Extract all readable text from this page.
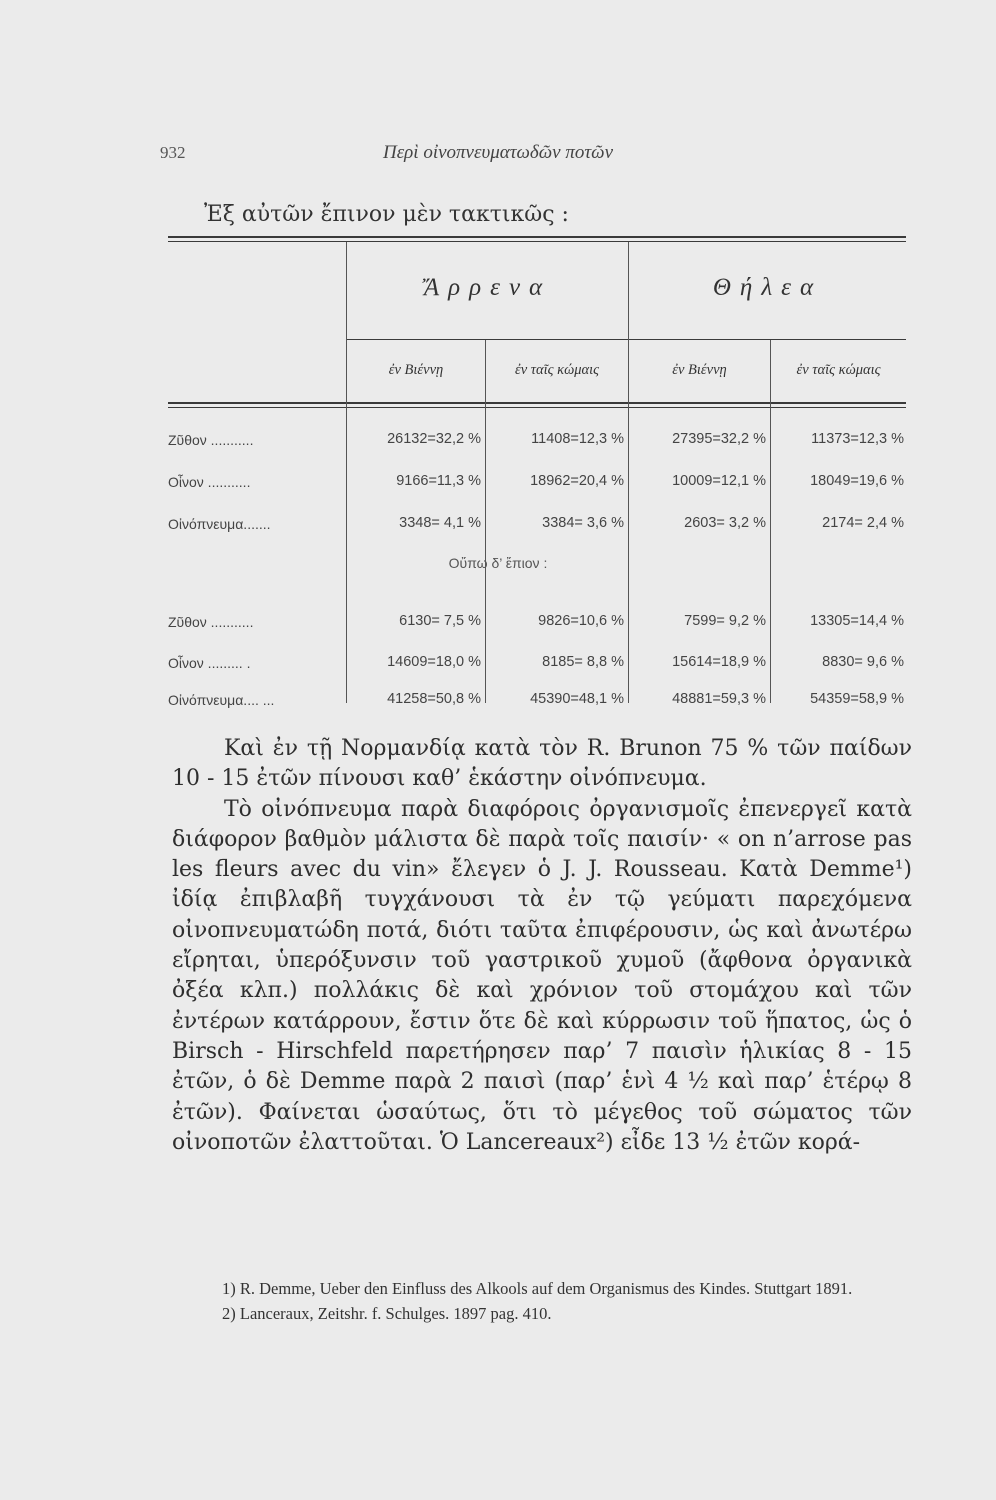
932	Περὶ οἰνοπνευματωδῶν ποτῶν
Ἐξ αὐτῶν ἔπινον μὲν τακτικῶς :
Ἄρρενα	Θήλεα
ἐν Βιέννῃ	ἐν ταῖς κώμαις	ἐν Βιέννῃ	ἐν ταῖς κώμαις
Ζῦθον ...........	26132=32,2 %	11408=12,3 %	27395=32,2 %	11373=12,3 %
Οἶνον ...........	9166=11,3 %	18962=20,4 %	10009=12,1 %	18049=19,6 %
Οἰνόπνευμα.......	3348= 4,1 %	3384= 3,6 %	2603= 3,2 %	2174= 2,4 %
Οὔπω δ’ ἔπιον :
Ζῦθον ...........	6130= 7,5 %	9826=10,6 %	7599= 9,2 %	13305=14,4 %
Οἶνον ......... .	14609=18,0 %	8185= 8,8 %	15614=18,9 %	8830= 9,6 %
Οἰνόπνευμα.... ...	41258=50,8 %	45390=48,1 %	48881=59,3 %	54359=58,9 %

Καὶ ἐν τῇ Νορμανδίᾳ κατὰ τὸν R. Brunon 75 % τῶν παίδων 10 - 15 ἐτῶν πίνουσι καθ’ ἑκάστην οἰνόπνευμα.

Τὸ οἰνόπνευμα παρὰ διαφόροις ὀργανισμοῖς ἐπενεργεῖ κατὰ διάφορον βαθμὸν μάλιστα δὲ παρὰ τοῖς παισίν· « on n’arrose pas les fleurs avec du vin» ἔλεγεν ὁ J. J. Rousseau. Κατὰ Demme¹) ἰδίᾳ ἐπιβλαβῆ τυγχάνουσι τὰ ἐν τῷ γεύματι παρεχόμενα οἰνοπνευματώδη ποτά, διότι ταῦτα ἐπιφέρουσιν, ὡς καὶ ἀνωτέρω εἴρηται, ὑπερόξυνσιν τοῦ γαστρικοῦ χυμοῦ (ἄφθονα ὀργανικὰ ὀξέα κλπ.) πολλάκις δὲ καὶ χρόνιον τοῦ στομάχου καὶ τῶν ἐντέρων κατάρρουν, ἔστιν ὅτε δὲ καὶ κύρρωσιν τοῦ ἥπατος, ὡς ὁ Birsch - Hirschfeld παρετήρησεν παρ’ 7 παισὶν ἡλικίας 8 - 15 ἐτῶν, ὁ δὲ Demme παρὰ 2 παισὶ (παρ’ ἑνὶ 4 ½ καὶ παρ’ ἑτέρῳ 8 ἐτῶν). Φαίνεται ὡσαύτως, ὅτι τὸ μέγεθος τοῦ σώματος τῶν οἰνοποτῶν ἐλαττοῦται. Ὁ Lancereaux²) εἶδε 13 ½ ἐτῶν κορά-

1) R. Demme, Ueber den Einfluss des Alkools auf dem Organismus des Kindes. Stuttgart 1891.

2) Lanceraux, Zeitshr. f. Schulges. 1897 pag. 410.
